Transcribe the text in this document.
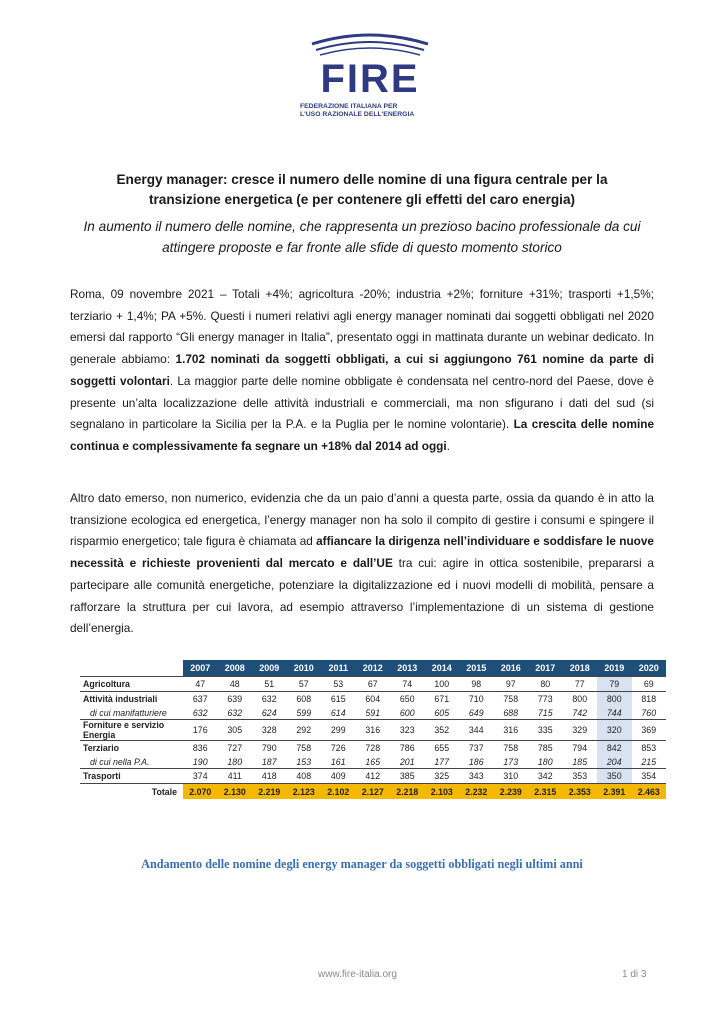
FIRE
FEDERAZIONE ITALIANA PER
L'USO RAZIONALE DELL'ENERGIA
Energy manager: cresce il numero delle nomine di una figura centrale per la transizione energetica (e per contenere gli effetti del caro energia)
In aumento il numero delle nomine, che rappresenta un prezioso bacino professionale da cui attingere proposte e far fronte alle sfide di questo momento storico
Roma, 09 novembre 2021 – Totali +4%; agricoltura -20%; industria +2%; forniture +31%; trasporti +1,5%; terziario + 1,4%; PA +5%. Questi i numeri relativi agli energy manager nominati dai soggetti obbligati nel 2020 emersi dal rapporto “Gli energy manager in Italia”, presentato oggi in mattinata durante un webinar dedicato. In generale abbiamo: 1.702 nominati da soggetti obbligati, a cui si aggiungono 761 nomine da parte di soggetti volontari. La maggior parte delle nomine obbligate è condensata nel centro-nord del Paese, dove è presente un’alta localizzazione delle attività industriali e commerciali, ma non sfigurano i dati del sud (si segnalano in particolare la Sicilia per la P.A. e la Puglia per le nomine volontarie). La crescita delle nomine continua e complessivamente fa segnare un +18% dal 2014 ad oggi.
Altro dato emerso, non numerico, evidenzia che da un paio d’anni a questa parte, ossia da quando è in atto la transizione ecologica ed energetica, l’energy manager non ha solo il compito di gestire i consumi e spingere il risparmio energetico; tale figura è chiamata ad affiancare la dirigenza nell’individuare e soddisfare le nuove necessità e richieste provenienti dal mercato e dall’UE tra cui: agire in ottica sostenibile, prepararsi a partecipare alle comunità energetiche, potenziare la digitalizzazione ed i nuovi modelli di mobilità, pensare a rafforzare la struttura per cui lavora, ad esempio attraverso l’implementazione di un sistema di gestione dell’energia.
	2007	2008	2009	2010	2011	2012	2013	2014	2015	2016	2017	2018	2019	2020
Agricoltura	47	48	51	57	53	67	74	100	98	97	80	77	79	69
Attività industriali	637	639	632	608	615	604	650	671	710	758	773	800	800	818
di cui manifatturiere	632	632	624	599	614	591	600	605	649	688	715	742	744	760
Forniture e servizio Energia	176	305	328	292	299	316	323	352	344	316	335	329	320	369
Terziario	836	727	790	758	726	728	786	655	737	758	785	794	842	853
di cui nella P.A.	190	180	187	153	161	165	201	177	186	173	180	185	204	215
Trasporti	374	411	418	408	409	412	385	325	343	310	342	353	350	354
Totale	2.070	2.130	2.219	2.123	2.102	2.127	2.218	2.103	2.232	2.239	2.315	2.353	2.391	2.463
Andamento delle nomine degli energy manager da soggetti obbligati negli ultimi anni
www.fire-italia.org	1 di 3
